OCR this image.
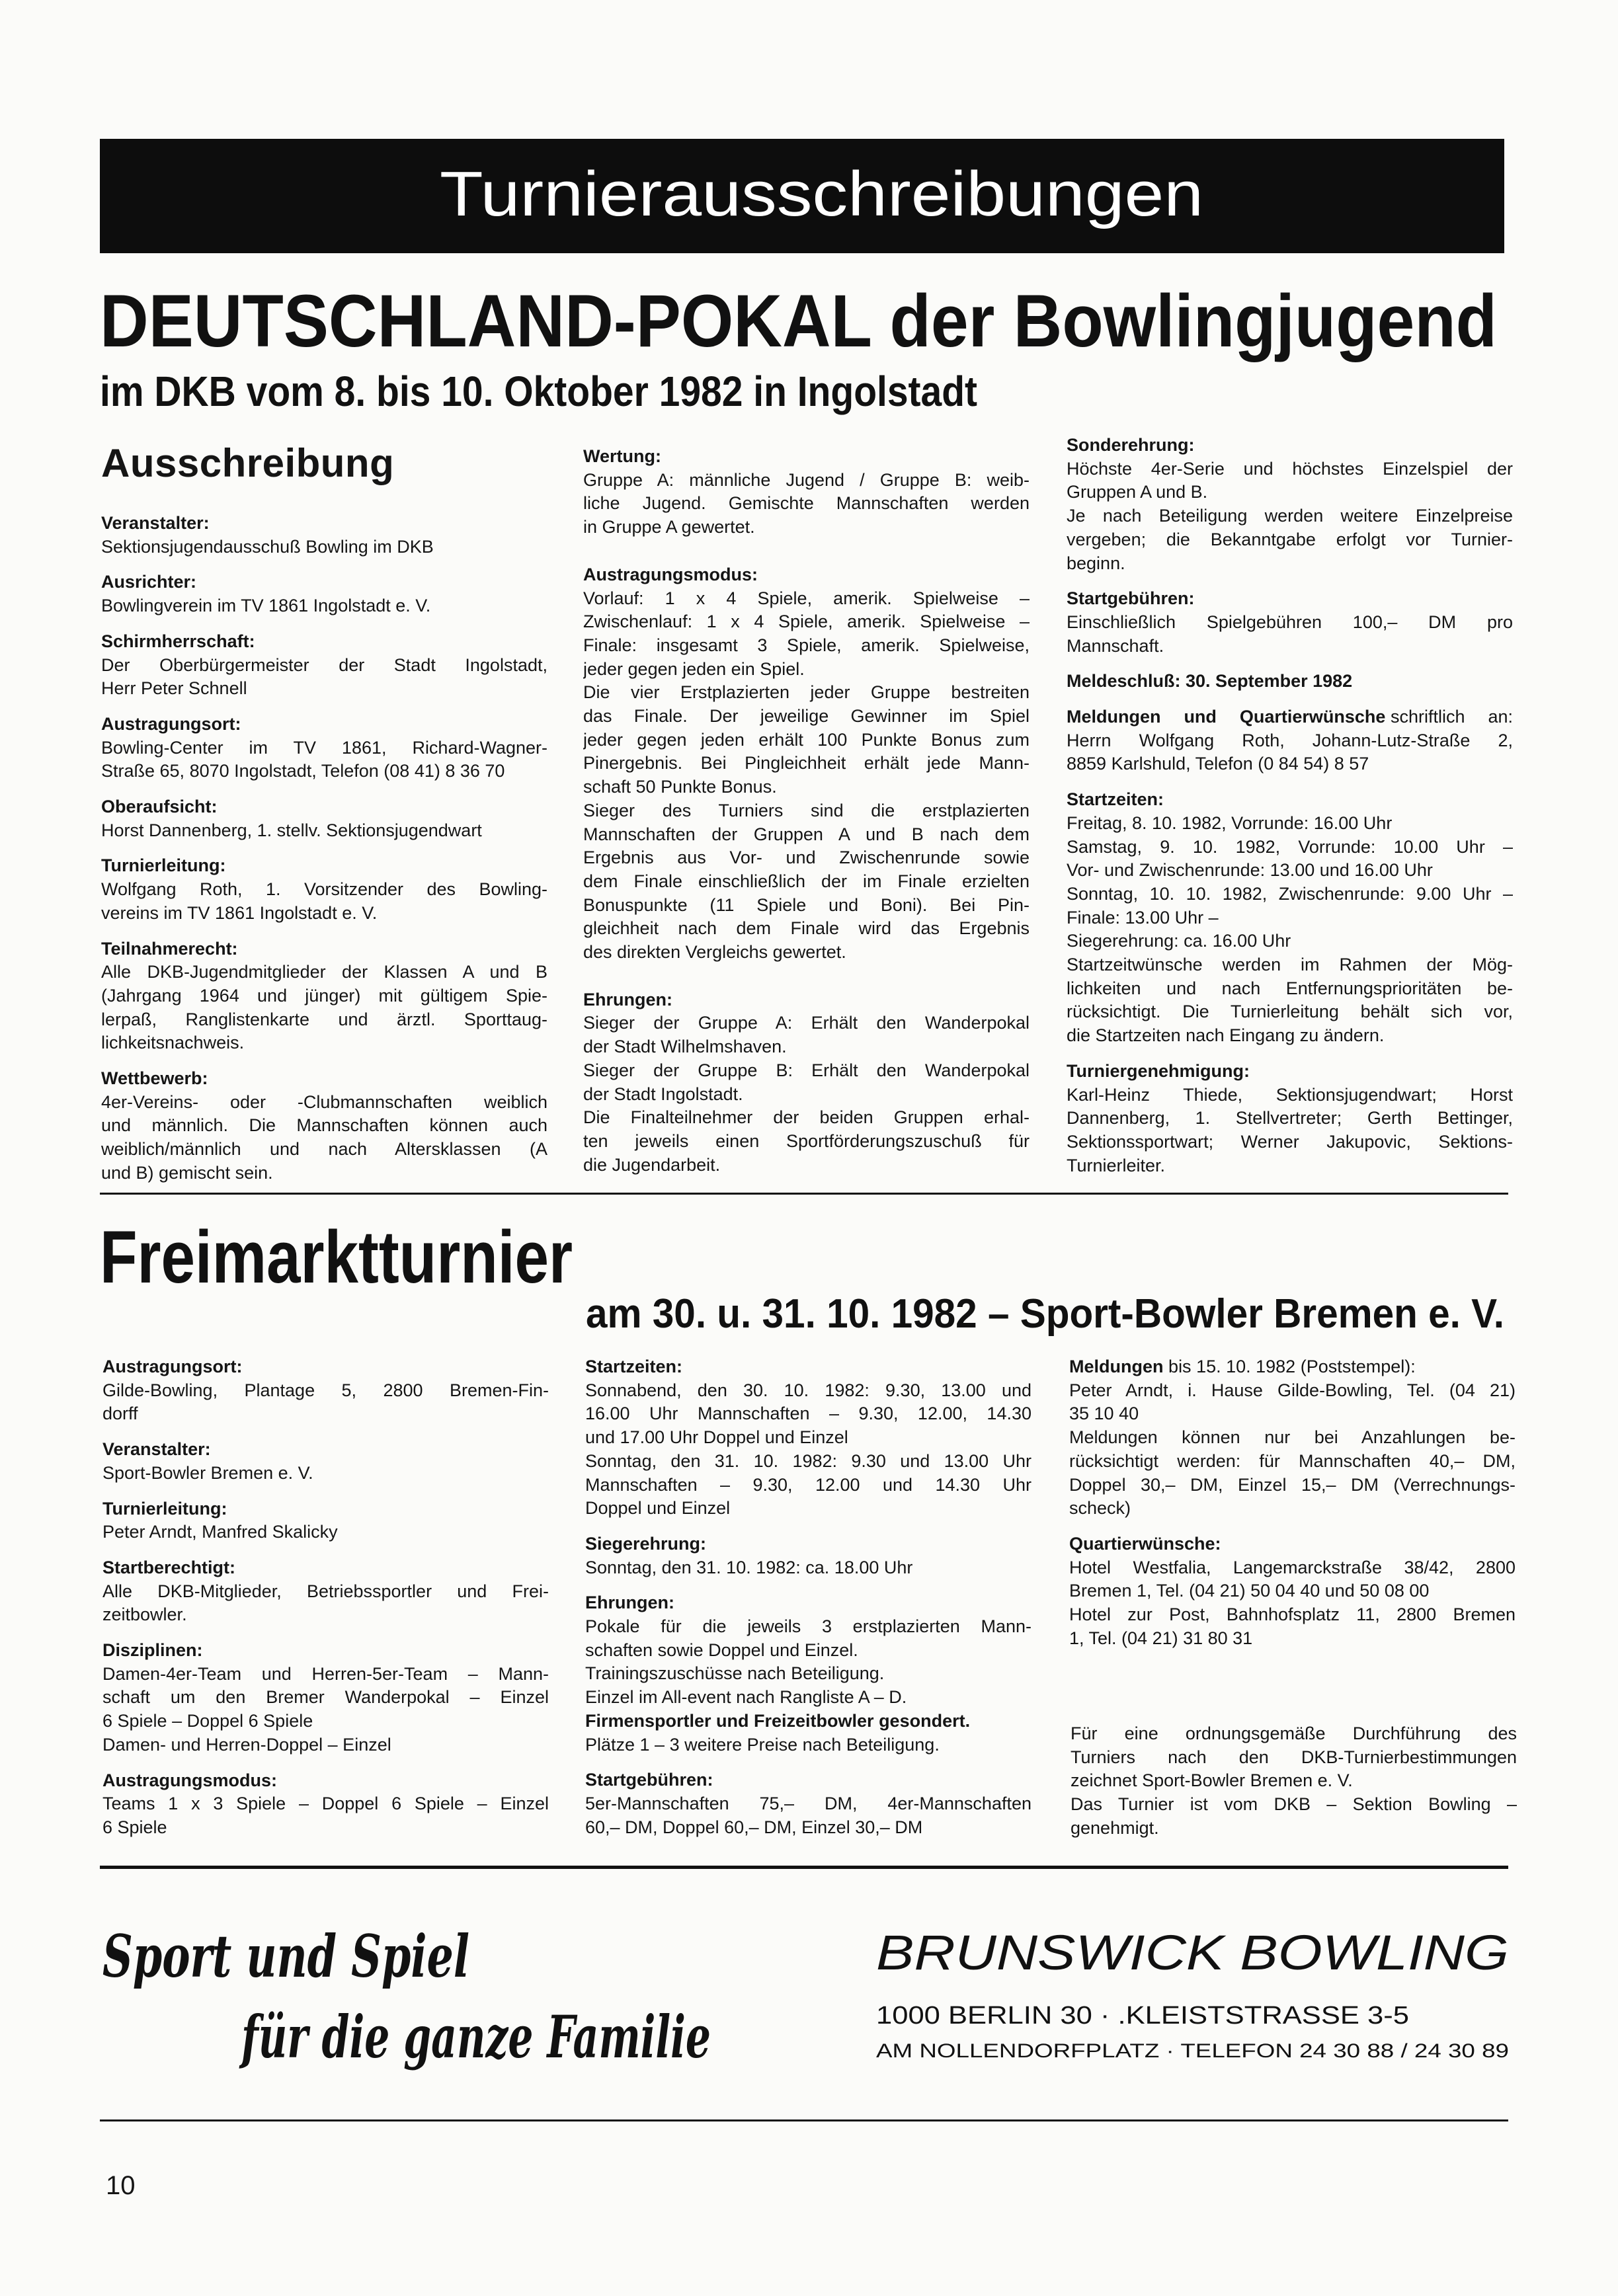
Turnierausschreibungen
DEUTSCHLAND-POKAL der Bowlingjugend
im DKB vom 8. bis 10. Oktober 1982 in Ingolstadt
Freimarktturnier
am 30. u. 31. 10. 1982 – Sport-Bowler Bremen e. V.
Sport und Spiel
für die ganze Familie
BRUNSWICK BOWLING
1000 BERLIN 30 · .KLEISTSTRASSE 3-5
AM NOLLENDORFPLATZ · TELEFON 24 30 88 / 24 30 89
Ausschreibung
Veranstalter:
Sektionsjugendausschuß Bowling im DKB
Ausrichter:
Bowlingverein im TV 1861 Ingolstadt e. V.
Schirmherrschaft:
Der Oberbürgermeister der Stadt Ingolstadt,
Herr Peter Schnell
Austragungsort:
Bowling-Center im TV 1861, Richard-Wagner-
Straße 65, 8070 Ingolstadt, Telefon (08 41) 8 36 70
Oberaufsicht:
Horst Dannenberg, 1. stellv. Sektionsjugendwart
Turnierleitung:
Wolfgang Roth, 1. Vorsitzender des Bowling-
vereins im TV 1861 Ingolstadt e. V.
Teilnahmerecht:
Alle DKB-Jugendmitglieder der Klassen A und B
(Jahrgang 1964 und jünger) mit gültigem Spie-
lerpaß, Ranglistenkarte und ärztl. Sporttaug-
lichkeitsnachweis.
Wettbewerb:
4er-Vereins- oder -Clubmannschaften weiblich
und männlich. Die Mannschaften können auch
weiblich/männlich und nach Altersklassen (A
und B) gemischt sein.
Wertung:
Gruppe A: männliche Jugend / Gruppe B: weib-
liche Jugend. Gemischte Mannschaften werden
in Gruppe A gewertet.
Austragungsmodus:
Vorlauf: 1 x 4 Spiele, amerik. Spielweise –
Zwischenlauf: 1 x 4 Spiele, amerik. Spielweise –
Finale: insgesamt 3 Spiele, amerik. Spielweise,
jeder gegen jeden ein Spiel.
Die vier Erstplazierten jeder Gruppe bestreiten
das Finale. Der jeweilige Gewinner im Spiel
jeder gegen jeden erhält 100 Punkte Bonus zum
Pinergebnis. Bei Pingleichheit erhält jede Mann-
schaft 50 Punkte Bonus.
Sieger des Turniers sind die erstplazierten
Mannschaften der Gruppen A und B nach dem
Ergebnis aus Vor- und Zwischenrunde sowie
dem Finale einschließlich der im Finale erzielten
Bonuspunkte (11 Spiele und Boni). Bei Pin-
gleichheit nach dem Finale wird das Ergebnis
des direkten Vergleichs gewertet.
Ehrungen:
Sieger der Gruppe A: Erhält den Wanderpokal
der Stadt Wilhelmshaven.
Sieger der Gruppe B: Erhält den Wanderpokal
der Stadt Ingolstadt.
Die Finalteilnehmer der beiden Gruppen erhal-
ten jeweils einen Sportförderungszuschuß für
die Jugendarbeit.
Sonderehrung:
Höchste 4er-Serie und höchstes Einzelspiel der
Gruppen A und B.
Je nach Beteiligung werden weitere Einzelpreise
vergeben; die Bekanntgabe erfolgt vor Turnier-
beginn.
Startgebühren:
Einschließlich Spielgebühren 100,– DM pro
Mannschaft.
Meldeschluß: 30. September 1982
Meldungen und Quartierwünsche schriftlich an:
Herrn Wolfgang Roth, Johann-Lutz-Straße 2,
8859 Karlshuld, Telefon (0 84 54) 8 57
Startzeiten:
Freitag, 8. 10. 1982, Vorrunde: 16.00 Uhr
Samstag, 9. 10. 1982, Vorrunde: 10.00 Uhr –
Vor- und Zwischenrunde: 13.00 und 16.00 Uhr
Sonntag, 10. 10. 1982, Zwischenrunde: 9.00 Uhr –
Finale: 13.00 Uhr –
Siegerehrung: ca. 16.00 Uhr
Startzeitwünsche werden im Rahmen der Mög-
lichkeiten und nach Entfernungsprioritäten be-
rücksichtigt. Die Turnierleitung behält sich vor,
die Startzeiten nach Eingang zu ändern.
Turniergenehmigung:
Karl-Heinz Thiede, Sektionsjugendwart; Horst
Dannenberg, 1. Stellvertreter; Gerth Bettinger,
Sektionssportwart; Werner Jakupovic, Sektions-
Turnierleiter.
Austragungsort:
Gilde-Bowling, Plantage 5, 2800 Bremen-Fin-
dorff
Veranstalter:
Sport-Bowler Bremen e. V.
Turnierleitung:
Peter Arndt, Manfred Skalicky
Startberechtigt:
Alle DKB-Mitglieder, Betriebssportler und Frei-
zeitbowler.
Disziplinen:
Damen-4er-Team und Herren-5er-Team – Mann-
schaft um den Bremer Wanderpokal – Einzel
6 Spiele – Doppel 6 Spiele
Damen- und Herren-Doppel – Einzel
Austragungsmodus:
Teams 1 x 3 Spiele – Doppel 6 Spiele – Einzel
6 Spiele
Startzeiten:
Sonnabend, den 30. 10. 1982: 9.30, 13.00 und
16.00 Uhr Mannschaften – 9.30, 12.00, 14.30
und 17.00 Uhr Doppel und Einzel
Sonntag, den 31. 10. 1982: 9.30 und 13.00 Uhr
Mannschaften – 9.30, 12.00 und 14.30 Uhr
Doppel und Einzel
Siegerehrung:
Sonntag, den 31. 10. 1982: ca. 18.00 Uhr
Ehrungen:
Pokale für die jeweils 3 erstplazierten Mann-
schaften sowie Doppel und Einzel.
Trainingszuschüsse nach Beteiligung.
Einzel im All-event nach Rangliste A – D.
Firmensportler und Freizeitbowler gesondert.
Plätze 1 – 3 weitere Preise nach Beteiligung.
Startgebühren:
5er-Mannschaften 75,– DM, 4er-Mannschaften
60,– DM, Doppel 60,– DM, Einzel 30,– DM
Meldungen bis 15. 10. 1982 (Poststempel):
Peter Arndt, i. Hause Gilde-Bowling, Tel. (04 21)
35 10 40
Meldungen können nur bei Anzahlungen be-
rücksichtigt werden: für Mannschaften 40,– DM,
Doppel 30,– DM, Einzel 15,– DM (Verrechnungs-
scheck)
Quartierwünsche:
Hotel Westfalia, Langemarckstraße 38/42, 2800
Bremen 1, Tel. (04 21) 50 04 40 und 50 08 00
Hotel zur Post, Bahnhofsplatz 11, 2800 Bremen
1, Tel. (04 21) 31 80 31
Für eine ordnungsgemäße Durchführung des
Turniers nach den DKB-Turnierbestimmungen
zeichnet Sport-Bowler Bremen e. V.
Das Turnier ist vom DKB – Sektion Bowling –
genehmigt.
10
